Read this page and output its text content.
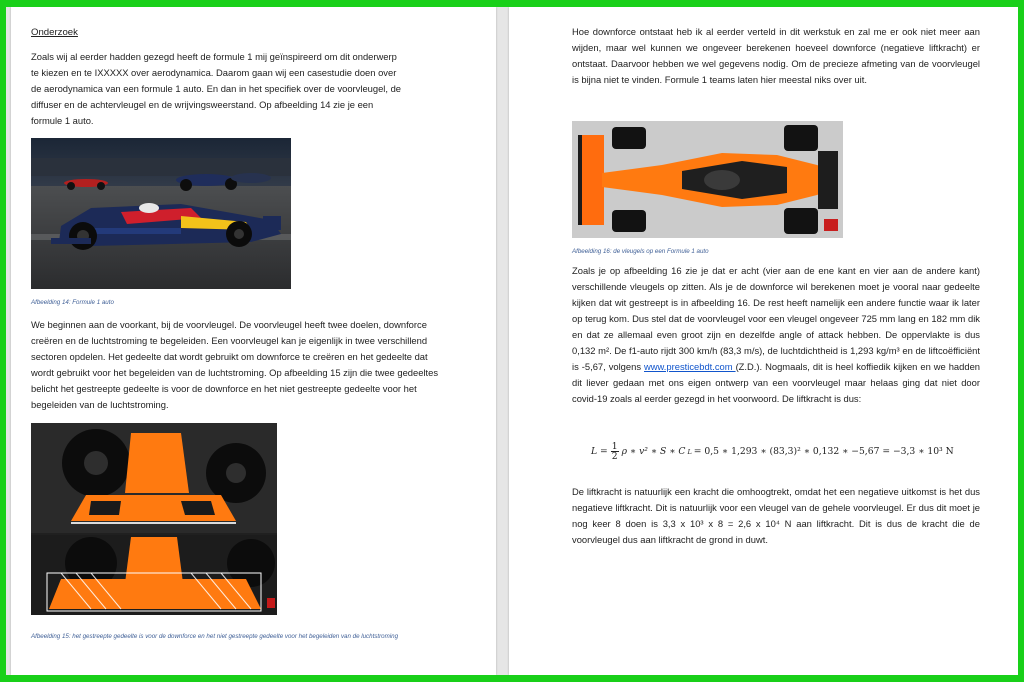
Onderzoek

Zoals wij al eerder hadden gezegd heeft de formule 1 mij geïnspireerd om dit onderwerp te kiezen en te IXXXXX over aerodynamica. Daarom gaan wij een casestudie doen over de aerodynamica van een formule 1 auto. En dan in het specifiek over de voorvleugel, de diffuser en de achtervleugel en de wrijvingsweerstand. Op afbeelding 14 zie je een formule 1 auto.

Afbeelding 14: Formule 1 auto

We beginnen aan de voorkant, bij de voorvleugel. De voorvleugel heeft twee doelen, downforce creëren en de luchtstroming te begeleiden. Een voorvleugel kan je eigenlijk in twee verschillend sectoren opdelen. Het gedeelte dat wordt gebruikt om downforce te creëren en het gedeelte dat wordt gebruikt voor het begeleiden van de luchtstroming. Op afbeelding 15 zijn die twee gedeeltes belicht het gestreepte gedeelte is voor de downforce en het niet gestreepte gedeelte voor het begeleiden van de luchtstroming.

Afbeelding 15: het gestreepte gedeelte is voor de downforce en het niet gestreepte gedeelte voor het begeleiden van de luchtstroming

Hoe downforce ontstaat heb ik al eerder verteld in dit werkstuk en zal me er ook niet meer aan wijden, maar wel kunnen we ongeveer berekenen hoeveel downforce (negatieve liftkracht) er ontstaat. Daarvoor hebben we wel gegevens nodig. Om de precieze afmeting van de voorvleugel is bijna niet te vinden. Formule 1 teams laten hier meestal niks over uit.

Afbeelding 16: de vleugels op een Formule 1 auto

Zoals je op afbeelding 16 zie je dat er acht (vier aan de ene kant en vier aan de andere kant) verschillende vleugels op zitten. Als je de downforce wil berekenen moet je vooral naar gedeelte kijken dat wit gestreept is in afbeelding 16. De rest heeft namelijk een andere functie waar ik later op terug kom. Dus stel dat de voorvleugel voor een vleugel ongeveer 725 mm lang en 182 mm dik en dat ze allemaal even groot zijn en dezelfde angle of attack hebben. De oppervlakte is dus 0,132 m². De f1-auto rijdt 300 km/h (83,3 m/s), de luchtdichtheid is 1,293 kg/m³ en de liftcoëfficiënt is -5,67, volgens www.presticebdt.com (Z.D.). Nogmaals, dit is heel koffiedik kijken en we hadden dit liever gedaan met ons eigen ontwerp van een voorvleugel maar helaas ging dat niet door covid-19 zoals al eerder gezegd in het voorwoord. De liftkracht is dus:

$L = \frac{1}{2}$ ρ ∗ v² ∗ S ∗ C L = 0,5 ∗ 1,293 ∗ (83,3)² ∗ 0,132 ∗ −5,67 = −3,3 ∗ 10³ N

De liftkracht is natuurlijk een kracht die omhoogtrekt, omdat het een negatieve uitkomst is het dus negatieve liftkracht. Dit is natuurlijk voor een vleugel van de gehele voorvleugel. Er dus dit moet je nog keer 8 doen is 3,3 x 10³ x 8 = 2,6 x 10⁴ N aan liftkracht. Dit is dus de kracht die de voorvleugel dus aan liftkracht de grond in duwt.
